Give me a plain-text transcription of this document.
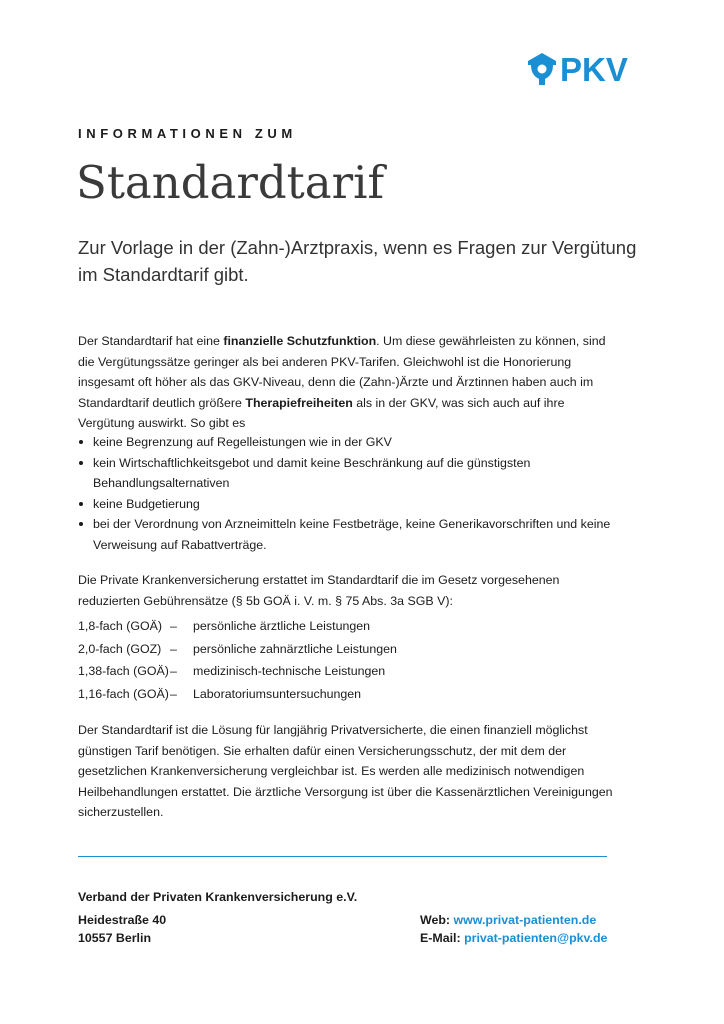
PKV
INFORMATIONEN ZUM
Standardtarif
Zur Vorlage in der (Zahn-)Arztpraxis, wenn es Fragen zur Vergütung
im Standardtarif gibt.
Der Standardtarif hat eine finanzielle Schutzfunktion. Um diese gewährleisten zu können, sind die Vergütungssätze geringer als bei anderen PKV-Tarifen. Gleichwohl ist die Honorierung insgesamt oft höher als das GKV-Niveau, denn die (Zahn-)Ärzte und Ärztinnen haben auch im Standardtarif deutlich größere Therapiefreiheiten als in der GKV, was sich auch auf ihre Vergütung auswirkt. So gibt es
keine Begrenzung auf Regelleistungen wie in der GKV
kein Wirtschaftlichkeitsgebot und damit keine Beschränkung auf die günstigsten Behandlungsalternativen
keine Budgetierung
bei der Verordnung von Arzneimitteln keine Festbeträge, keine Generikavorschriften und keine Verweisung auf Rabattverträge.
Die Private Krankenversicherung erstattet im Standardtarif die im Gesetz vorgesehenen reduzierten Gebührensätze (§ 5b GOÄ i. V. m. § 75 Abs. 3a SGB V):
1,8-fach (GOÄ) –	persönliche ärztliche Leistungen
2,0-fach (GOZ) –	persönliche zahnärztliche Leistungen
1,38-fach (GOÄ) –	medizinisch-technische Leistungen
1,16-fach (GOÄ) –	Laboratoriumsuntersuchungen
Der Standardtarif ist die Lösung für langjährig Privatversicherte, die einen finanziell möglichst günstigen Tarif benötigen. Sie erhalten dafür einen Versicherungsschutz, der mit dem der gesetzlichen Krankenversicherung vergleichbar ist. Es werden alle medizinisch notwendigen Heilbehandlungen erstattet. Die ärztliche Versorgung ist über die Kassenärztlichen Vereinigungen sicherzustellen.
Verband der Privaten Krankenversicherung e.V.
Heidestraße 40
10557 Berlin
Web: www.privat-patienten.de
E-Mail: privat-patienten@pkv.de
